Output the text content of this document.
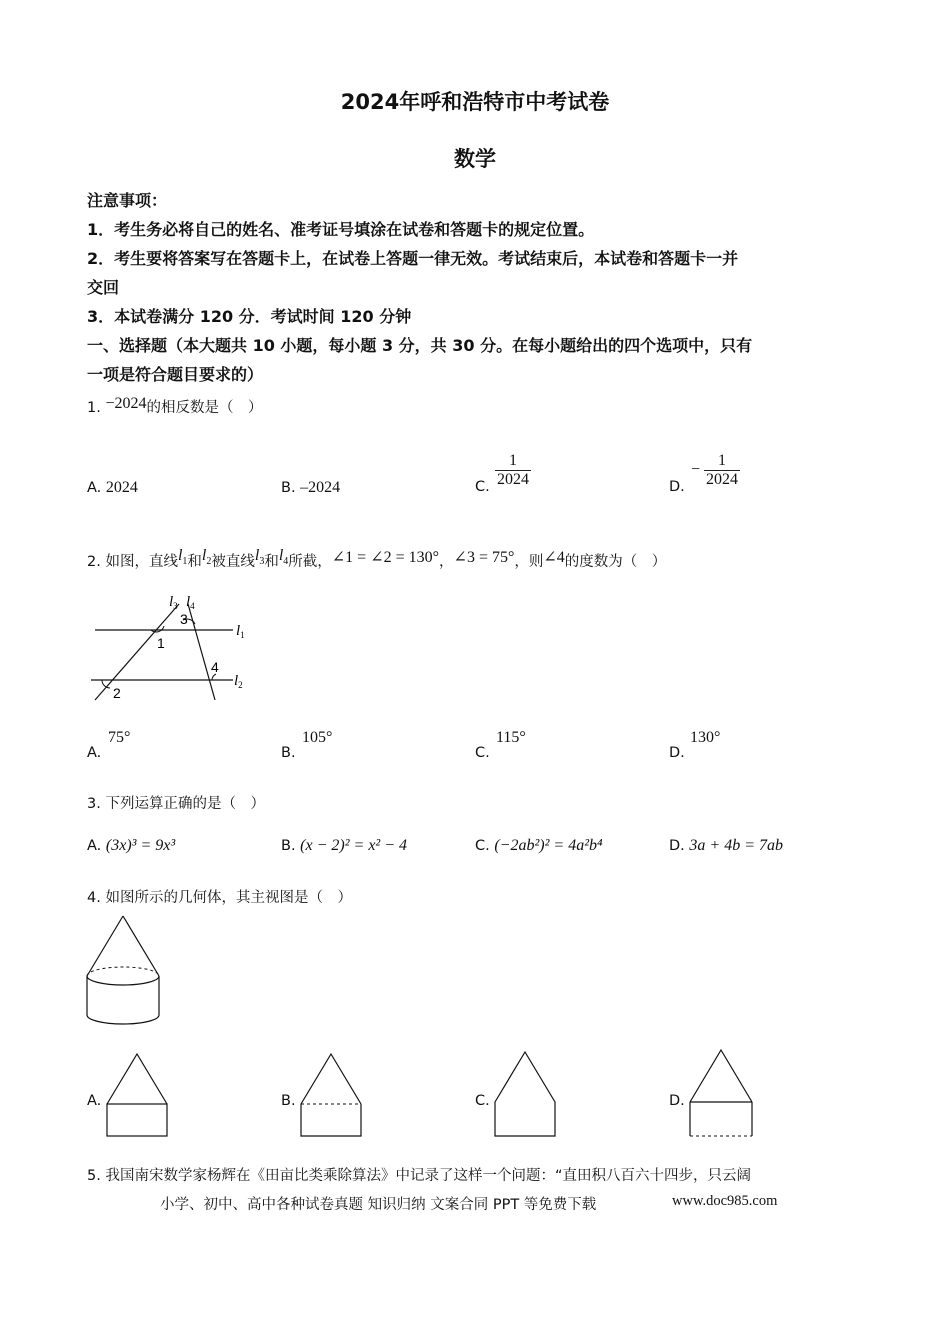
2024年呼和浩特市中考试卷
数学
注意事项：
1．考生务必将自己的姓名、准考证号填涂在试卷和答题卡的规定位置。
2．考生要将答案写在答题卡上，在试卷上答题一律无效。考试结束后，本试卷和答题卡一并
交回
3．本试卷满分 120 分．考试时间 120 分钟
一、选择题（本大题共 10 小题，每小题 3 分，共 30 分。在每小题给出的四个选项中，只有
一项是符合题目要求的）
1. −2024的相反数是（　）
A. 2024	B. –2024	C. $\frac{1}{2024}$	D.
− $\frac{1}{2024}$
2. 如图，直线$l_1$和$l_2$被直线$l_3$和$l_4$所截，∠1 = ∠2 = 130°，∠3 = 75°，则∠4的度数为（　）
$l_3$ $l_4$
$l_1$
$l_2$
1
2
3
4
A.
75°
B.
105°
C.
115°
D.
130°
3. 下列运算正确的是（　）
A. (3x)³ = 9x³	B. (x − 2)² = x² − 4	C. (−2ab²)² = 4a²b⁴	D. 3a + 4b = 7ab
4. 如图所示的几何体，其主视图是（　）
A.	B.	C.	D.
5. 我国南宋数学家杨辉在《田亩比类乘除算法》中记录了这样一个问题：“直田积八百六十四步，只云阔
小学、初中、高中各种试卷真题 知识归纳 文案合同 PPT 等免费下载	www.doc985.com
